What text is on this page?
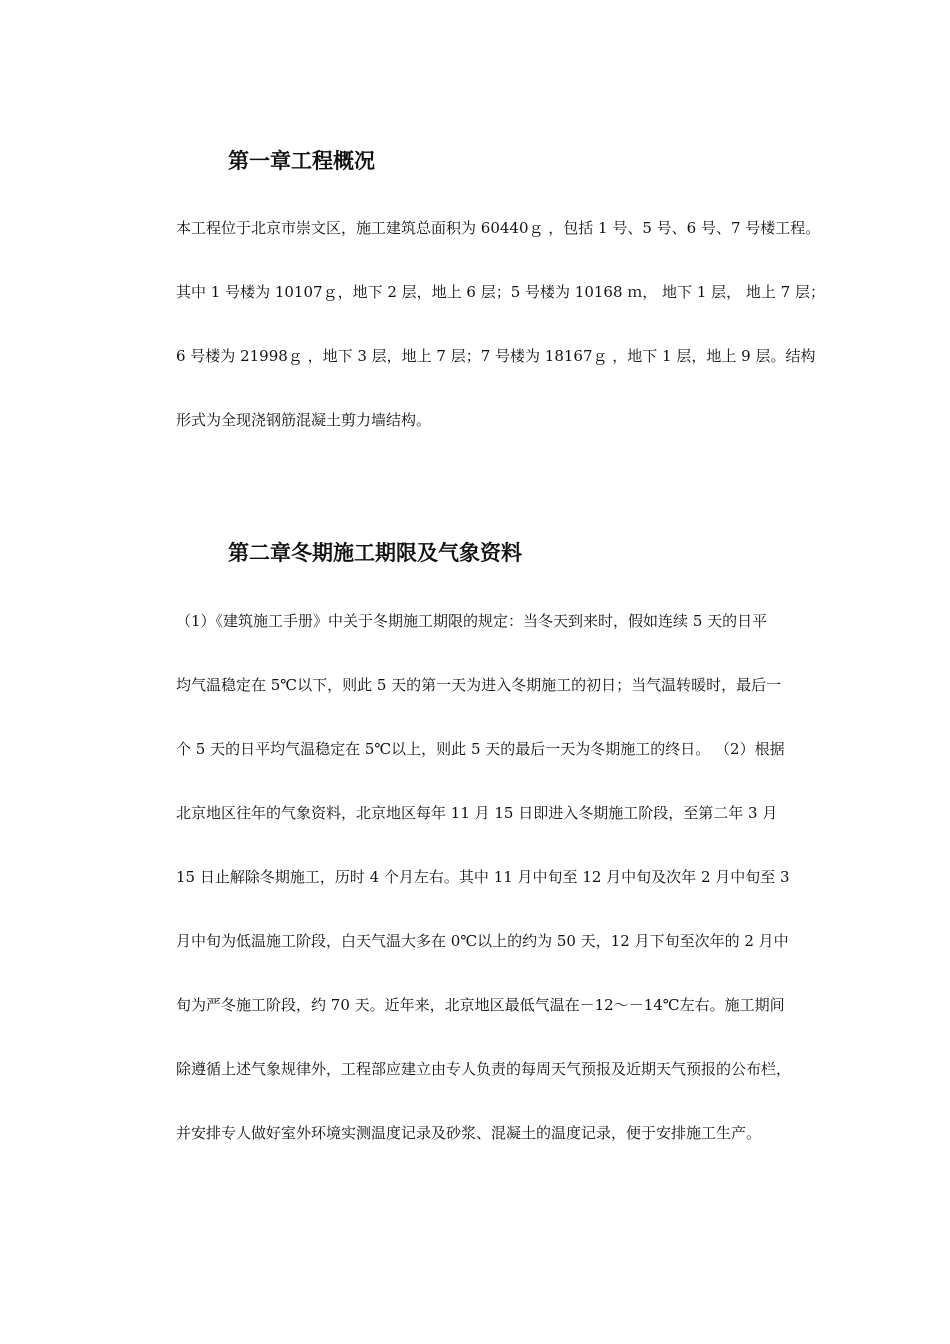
第一章工程概况
本工程位于北京市崇文区，施工建筑总面积为 60440ｇ ，包括 1 号、5 号、6 号、7 号楼工程。
其中 1 号楼为 10107ｇ，地下 2 层，地上 6 层；5 号楼为 10168 ｍ， 地下 1 层， 地上 7 层；
6 号楼为 21998ｇ ，地下 3 层，地上 7 层；7 号楼为 18167ｇ ，地下 1 层，地上 9 层。结构
形式为全现浇钢筋混凝土剪力墙结构。
第二章冬期施工期限及气象资料
（1）《建筑施工手册》中关于冬期施工期限的规定：当冬天到来时，假如连续 5 天的日平
均气温稳定在 5℃以下，则此 5 天的第一天为进入冬期施工的初日；当气温转暖时，最后一
个 5 天的日平均气温稳定在 5℃以上，则此 5 天的最后一天为冬期施工的终日。 （2）根据
北京地区往年的气象资料，北京地区每年 11 月 15 日即进入冬期施工阶段，至第二年 3 月
15 日止解除冬期施工，历时 4 个月左右。其中 11 月中旬至 12 月中旬及次年 2 月中旬至 3
月中旬为低温施工阶段，白天气温大多在 0℃以上的约为 50 天，12 月下旬至次年的 2 月中
旬为严冬施工阶段，约 70 天。近年来，北京地区最低气温在－12～－14℃左右。施工期间
除遵循上述气象规律外，工程部应建立由专人负责的每周天气预报及近期天气预报的公布栏，
并安排专人做好室外环境实测温度记录及砂浆、混凝土的温度记录，便于安排施工生产。
